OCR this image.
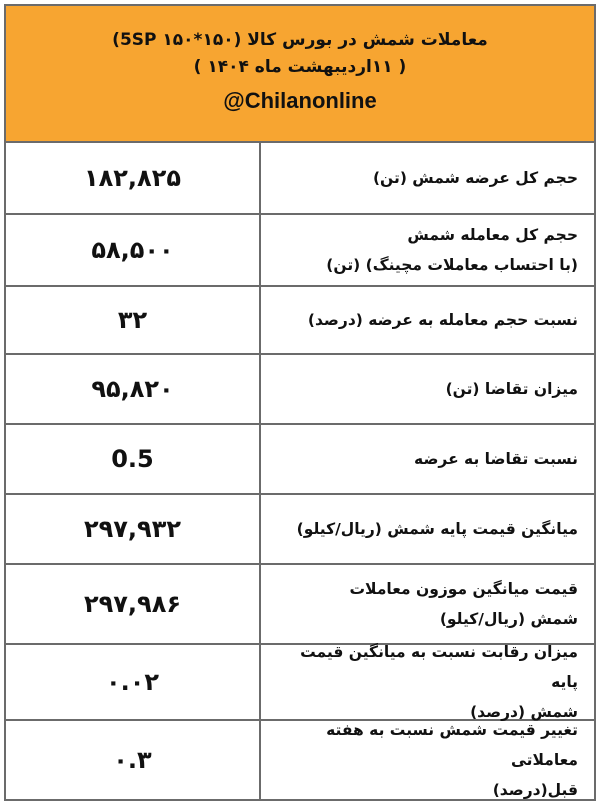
معاملات شمش در بورس کالا (۱۵۰*۱۵۰ 5SP)
( ۱۱اردیبهشت ماه ۱۴۰۴ )
@Chilanonline
حجم کل عرضه شمش (تن)
۱۸۲,۸۲۵
حجم کل معامله شمش
(با احتساب معاملات مچینگ) (تن)
۵۸,۵۰۰
نسبت حجم معامله به عرضه (درصد)
۳۲
میزان تقاضا (تن)
۹۵,۸۲۰
نسبت تقاضا به عرضه
0.5
میانگین قیمت پایه شمش (ریال/کیلو)
۲۹۷,۹۳۲
قیمت میانگین موزون معاملات
شمش (ریال/کیلو)
۲۹۷,۹۸۶
میزان رقابت نسبت به میانگین قیمت پایه
شمش (درصد)
۰.۰۲
تغییر قیمت شمش نسبت به هفته معاملاتی
قبل(درصد)
۰.۳
